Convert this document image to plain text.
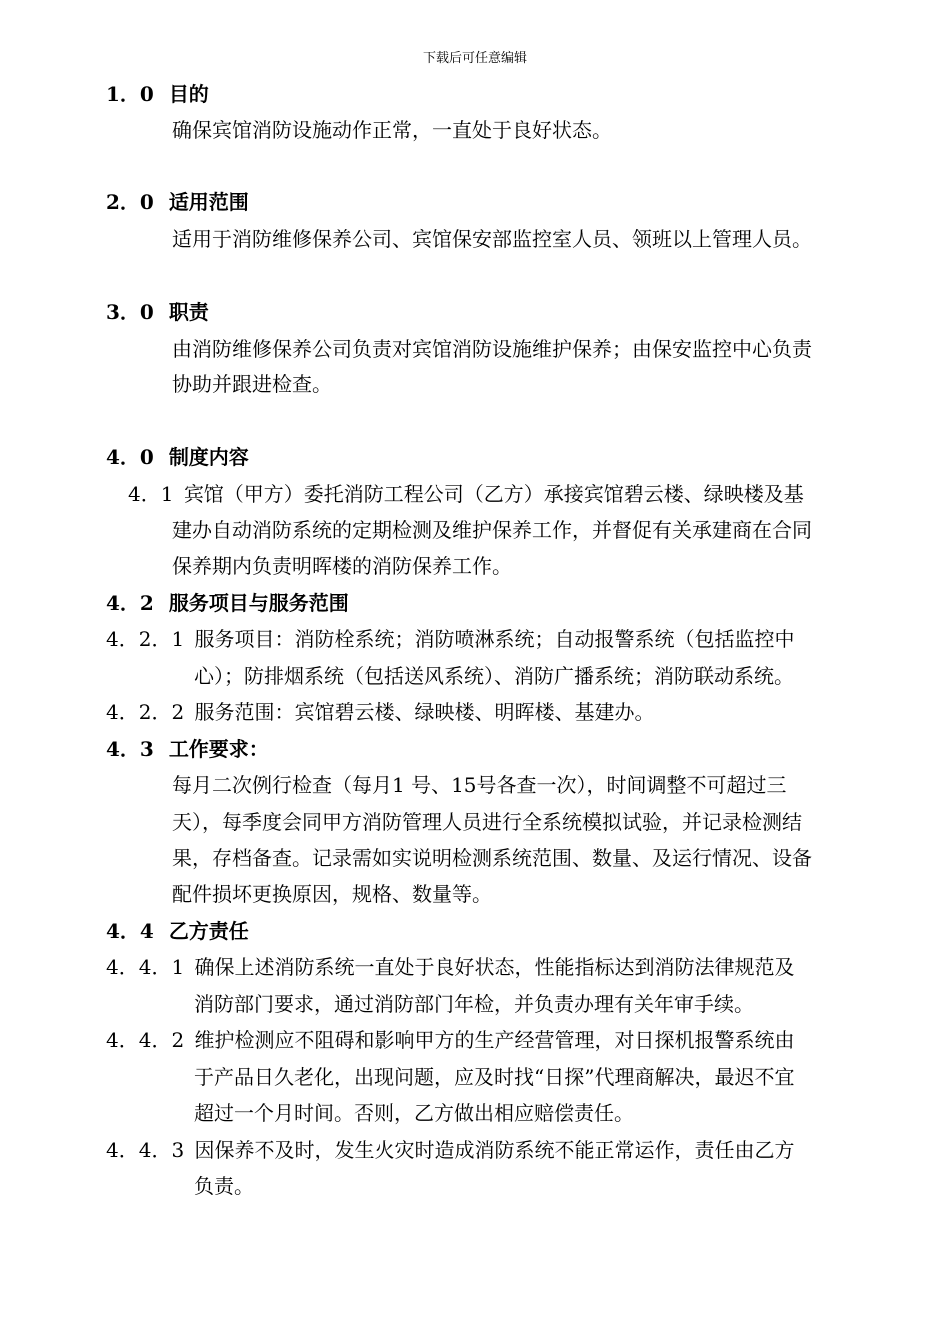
下载后可任意编辑
1．0 目的
确保宾馆消防设施动作正常，一直处于良好状态。
2．0 适用范围
适用于消防维修保养公司、宾馆保安部监控室人员、领班以上管理人员。
3．0 职责
由消防维修保养公司负责对宾馆消防设施维护保养；由保安监控中心负责
协助并跟进检查。
4．0 制度内容
4．1 宾馆（甲方）委托消防工程公司（乙方）承接宾馆碧云楼、绿映楼及基
建办自动消防系统的定期检测及维护保养工作，并督促有关承建商在合同
保养期内负责明晖楼的消防保养工作。
4．2 服务项目与服务范围
4．2．1 服务项目：消防栓系统；消防喷淋系统；自动报警系统（包括监控中
心）；防排烟系统（包括送风系统）、消防广播系统；消防联动系统。
4．2．2 服务范围：宾馆碧云楼、绿映楼、明晖楼、基建办。
4．3 工作要求：
每月二次例行检查（每月1 号、15号各查一次），时间调整不可超过三
天），每季度会同甲方消防管理人员进行全系统模拟试验，并记录检测结
果，存档备查。记录需如实说明检测系统范围、数量、及运行情况、设备
配件损坏更换原因，规格、数量等。
4．4 乙方责任
4．4．1 确保上述消防系统一直处于良好状态，性能指标达到消防法律规范及
消防部门要求，通过消防部门年检，并负责办理有关年审手续。
4．4．2 维护检测应不阻碍和影响甲方的生产经营管理，对日探机报警系统由
于产品日久老化，出现问题，应及时找“日探”代理商解决，最迟不宜
超过一个月时间。否则，乙方做出相应赔偿责任。
4．4．3 因保养不及时，发生火灾时造成消防系统不能正常运作，责任由乙方
负责。
